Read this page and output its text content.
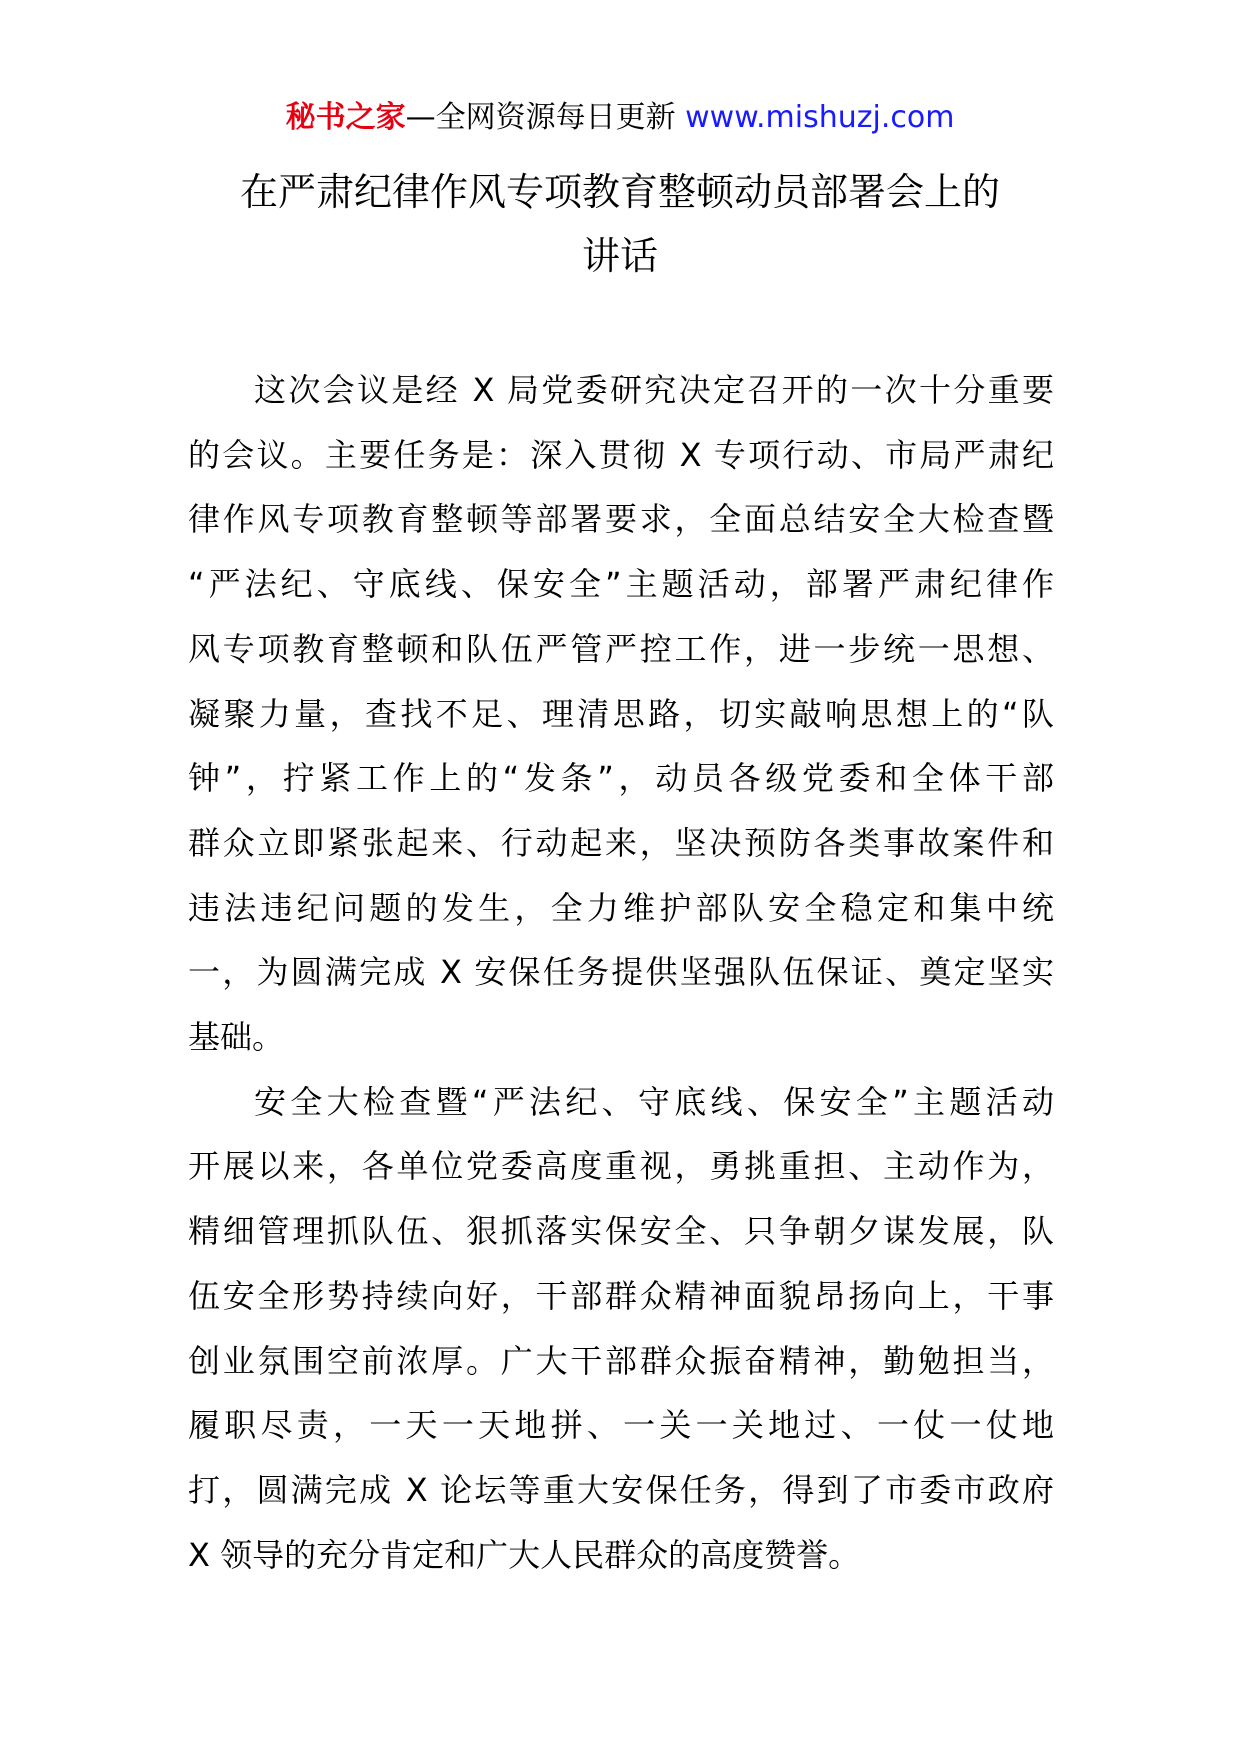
秘书之家—全网资源每日更新 www.mishuzj.com
在严肃纪律作风专项教育整顿动员部署会上的
讲话
这次会议是经 X 局党委研究决定召开的一次十分重要
的会议。主要任务是：深入贯彻 X 专项行动、市局严肃纪
律作风专项教育整顿等部署要求，全面总结安全大检查暨
“严法纪、守底线、保安全”主题活动，部署严肃纪律作
风专项教育整顿和队伍严管严控工作，进一步统一思想、
凝聚力量，查找不足、理清思路，切实敲响思想上的“队
钟”，拧紧工作上的“发条”，动员各级党委和全体干部
群众立即紧张起来、行动起来，坚决预防各类事故案件和
违法违纪问题的发生，全力维护部队安全稳定和集中统
一，为圆满完成 X 安保任务提供坚强队伍保证、奠定坚实
基础。
安全大检查暨“严法纪、守底线、保安全”主题活动
开展以来，各单位党委高度重视，勇挑重担、主动作为，
精细管理抓队伍、狠抓落实保安全、只争朝夕谋发展，队
伍安全形势持续向好，干部群众精神面貌昂扬向上，干事
创业氛围空前浓厚。广大干部群众振奋精神，勤勉担当，
履职尽责，一天一天地拼、一关一关地过、一仗一仗地
打，圆满完成 X 论坛等重大安保任务，得到了市委市政府
X 领导的充分肯定和广大人民群众的高度赞誉。
